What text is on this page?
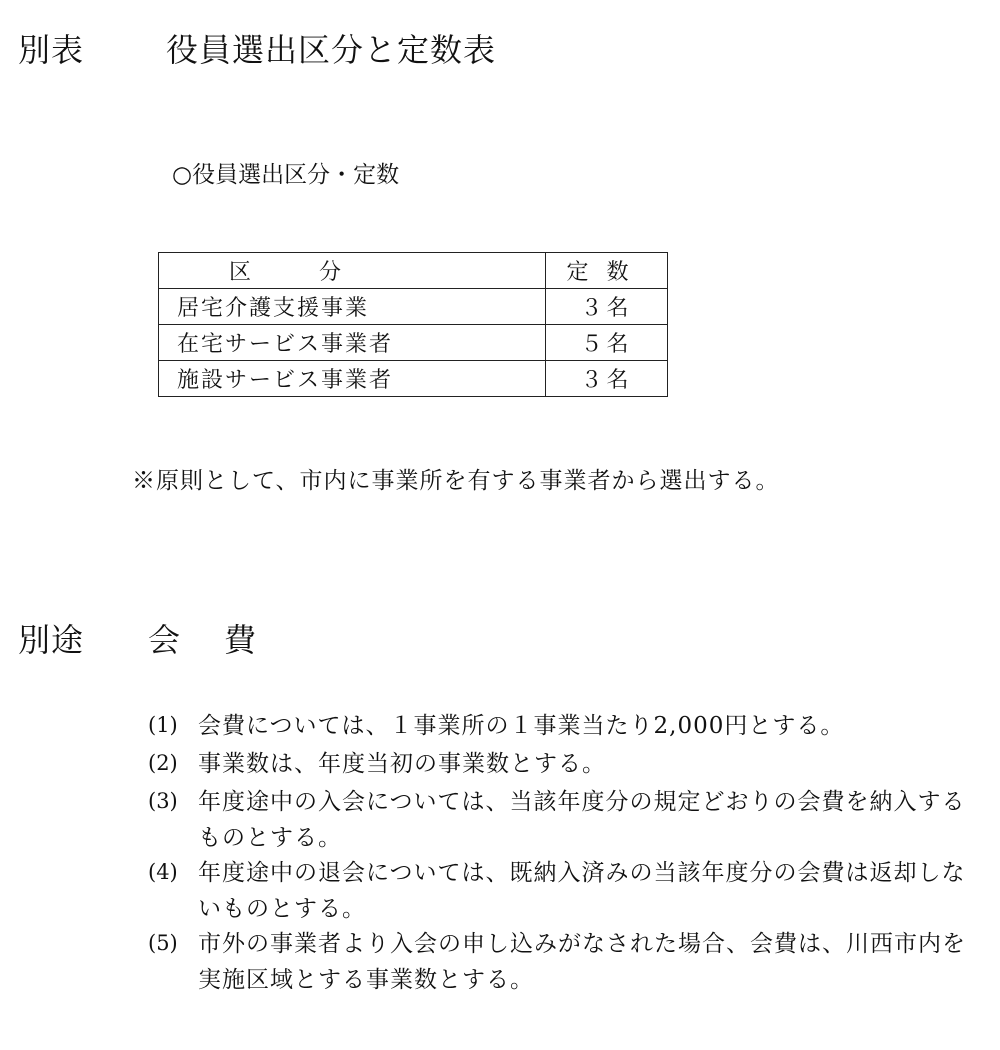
別表	役員選出区分と定数表
○役員選出区分・定数
区 分	定数
居宅介護支援事業	３名
在宅サービス事業者	５名
施設サービス事業者	３名
※原則として、市内に事業所を有する事業者から選出する。
別途 会　費
(1) 会費については、１事業所の１事業当たり2,000円とする。
(2) 事業数は、年度当初の事業数とする。
(3) 年度途中の入会については、当該年度分の規定どおりの会費を納入するものとする。
(4) 年度途中の退会については、既納入済みの当該年度分の会費は返却しないものとする。
(5) 市外の事業者より入会の申し込みがなされた場合、会費は、川西市内を実施区域とする事業数とする。
